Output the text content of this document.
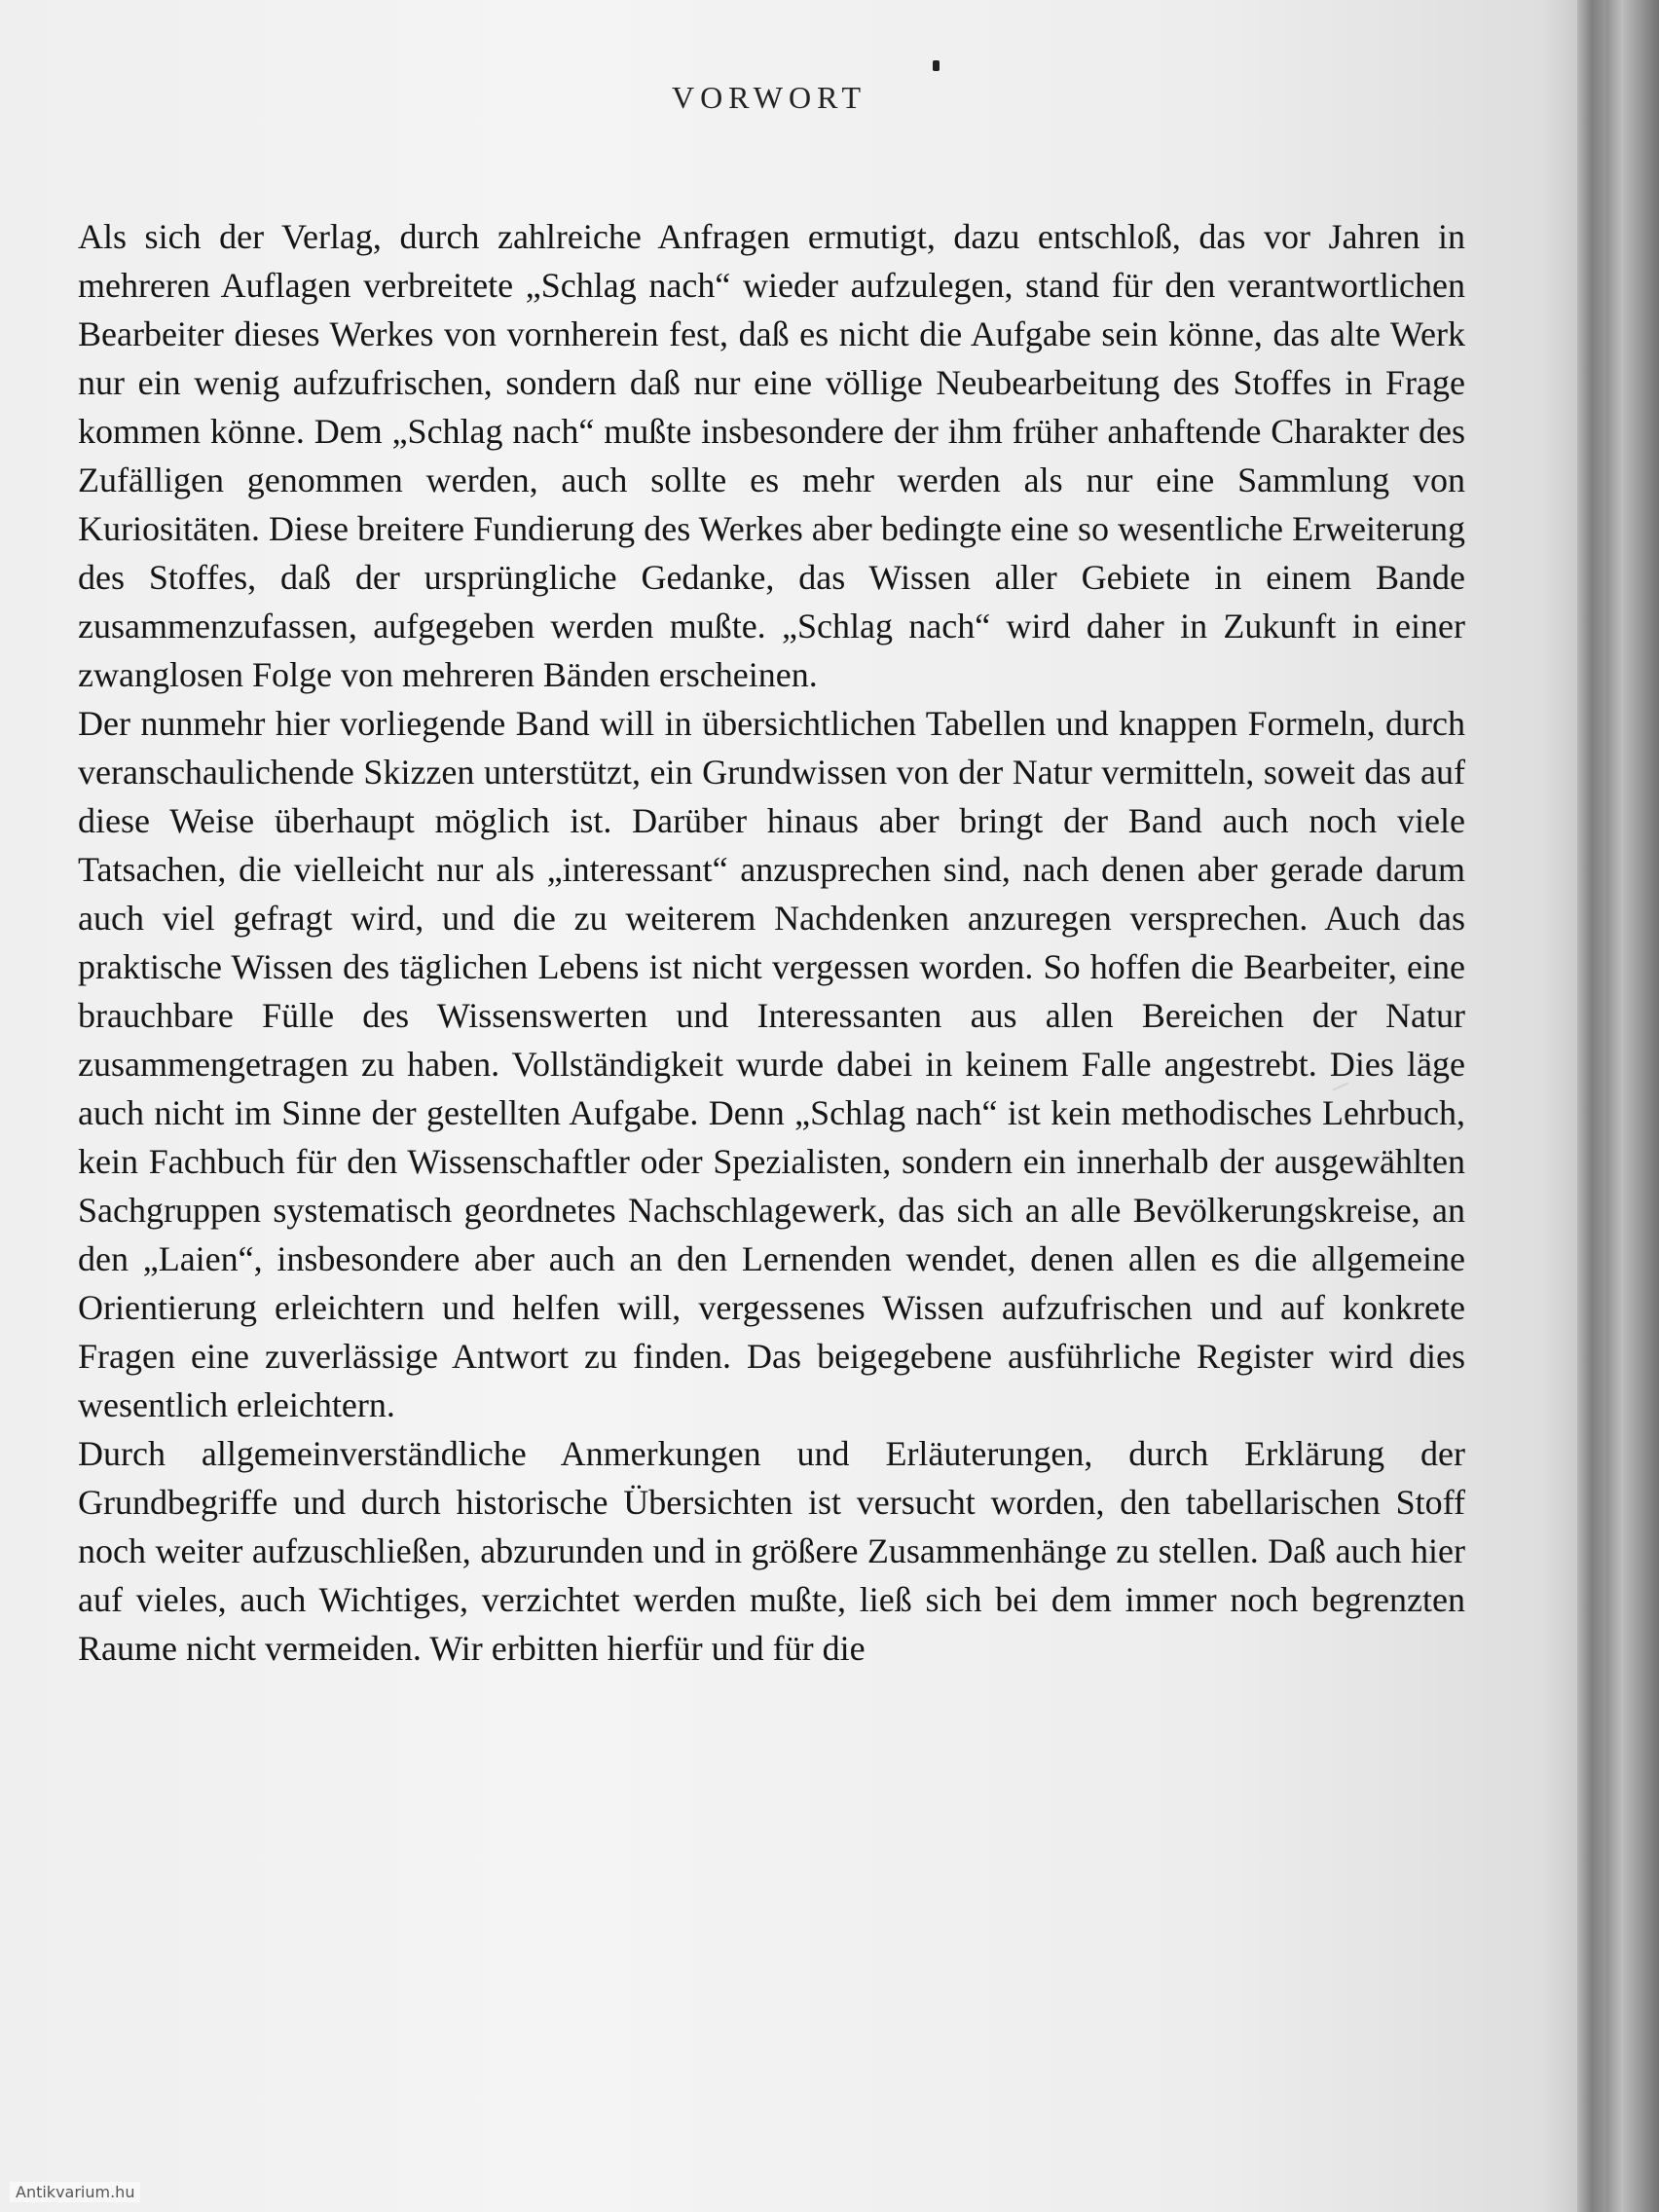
VORWORT

Als sich der Verlag, durch zahlreiche Anfragen ermutigt, dazu entschloß, das vor Jahren in mehreren Auflagen verbreitete „Schlag nach“ wieder aufzulegen, stand für den verantwortlichen Bearbeiter dieses Werkes von vornherein fest, daß es nicht die Aufgabe sein könne, das alte Werk nur ein wenig aufzufrischen, sondern daß nur eine völlige Neubearbeitung des Stoffes in Frage kommen könne. Dem „Schlag nach“ mußte insbesondere der ihm früher anhaftende Charakter des Zufälligen genommen werden, auch sollte es mehr werden als nur eine Sammlung von Kuriositäten. Diese breitere Fundierung des Werkes aber bedingte eine so wesentliche Erweiterung des Stoffes, daß der ursprüngliche Gedanke, das Wissen aller Gebiete in einem Bande zusammenzufassen, aufgegeben werden mußte. „Schlag nach“ wird daher in Zukunft in einer zwanglosen Folge von mehreren Bänden erscheinen.

Der nunmehr hier vorliegende Band will in übersichtlichen Tabellen und knappen Formeln, durch veranschaulichende Skizzen unterstützt, ein Grundwissen von der Natur vermitteln, soweit das auf diese Weise überhaupt möglich ist. Darüber hinaus aber bringt der Band auch noch viele Tatsachen, die vielleicht nur als „interessant“ anzusprechen sind, nach denen aber gerade darum auch viel gefragt wird, und die zu weiterem Nachdenken anzuregen versprechen. Auch das praktische Wissen des täglichen Lebens ist nicht vergessen worden. So hoffen die Bearbeiter, eine brauchbare Fülle des Wissenswerten und Interessanten aus allen Bereichen der Natur zusammengetragen zu haben. Vollständigkeit wurde dabei in keinem Falle angestrebt. Dies läge auch nicht im Sinne der gestellten Aufgabe. Denn „Schlag nach“ ist kein methodisches Lehrbuch, kein Fachbuch für den Wissenschaftler oder Spezialisten, sondern ein innerhalb der ausgewählten Sachgruppen systematisch geordnetes Nachschlagewerk, das sich an alle Bevölkerungskreise, an den „Laien“, insbesondere aber auch an den Lernenden wendet, denen allen es die allgemeine Orientierung erleichtern und helfen will, vergessenes Wissen aufzufrischen und auf konkrete Fragen eine zuverlässige Antwort zu finden. Das beigegebene ausführliche Register wird dies wesentlich erleichtern.

Durch allgemeinverständliche Anmerkungen und Erläuterungen, durch Erklärung der Grundbegriffe und durch historische Übersichten ist versucht worden, den tabellarischen Stoff noch weiter aufzuschließen, abzurunden und in größere Zusammenhänge zu stellen. Daß auch hier auf vieles, auch Wichtiges, verzichtet werden mußte, ließ sich bei dem immer noch begrenzten Raume nicht vermeiden. Wir erbitten hierfür und für die

Antikvarium.hu
